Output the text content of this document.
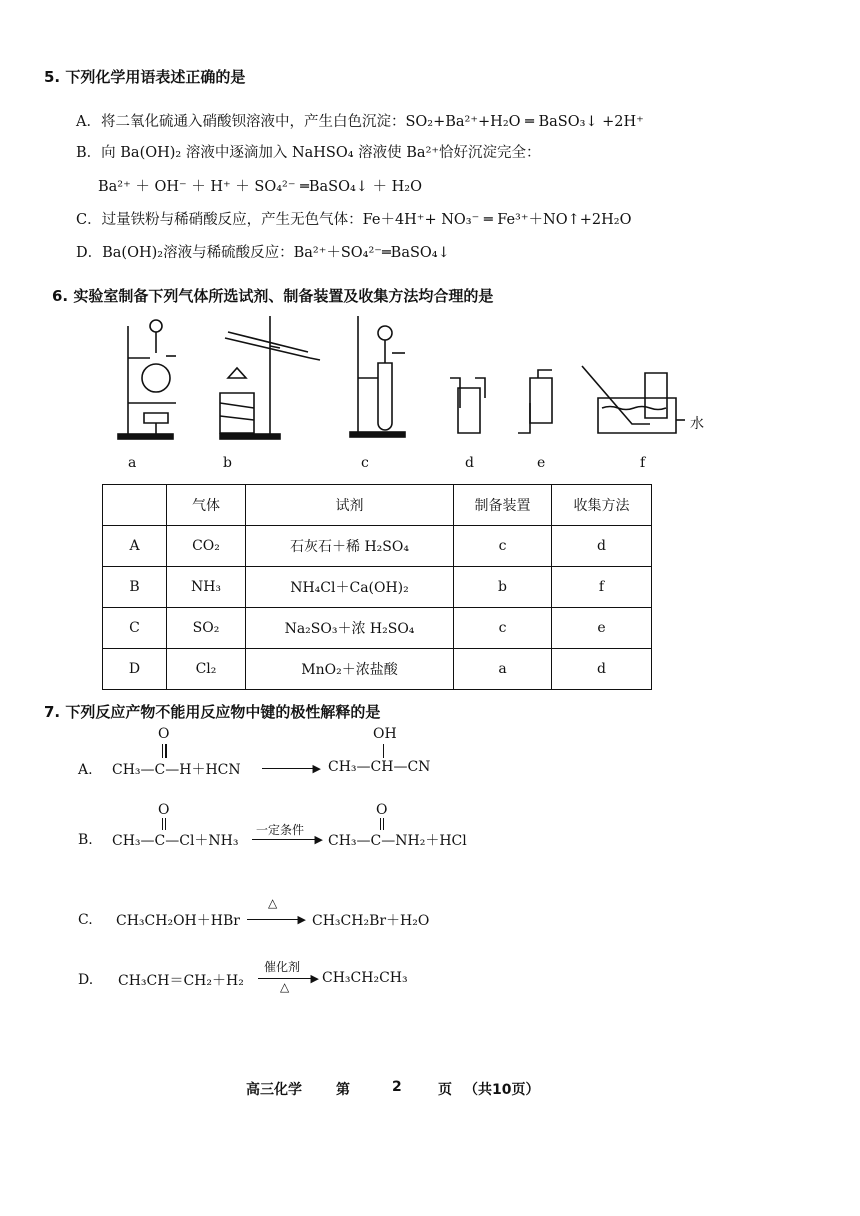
5. 下列化学用语表述正确的是
A．将二氧化硫通入硝酸钡溶液中，产生白色沉淀：SO₂+Ba²⁺+H₂O ═ BaSO₃↓ +2H⁺
B．向 Ba(OH)₂ 溶液中逐滴加入 NaHSO₄ 溶液使 Ba²⁺恰好沉淀完全：
Ba²⁺ ＋ OH⁻ ＋ H⁺ ＋ SO₄²⁻ ═BaSO₄↓ ＋ H₂O
C．过量铁粉与稀硝酸反应，产生无色气体：Fe＋4H⁺+ NO₃⁻ ═ Fe³⁺＋NO↑+2H₂O
D．Ba(OH)₂溶液与稀硫酸反应：Ba²⁺＋SO₄²⁻═BaSO₄↓
6. 实验室制备下列气体所选试剂、制备装置及收集方法均合理的是
a	b	c	d	e	f
水
	气体	试剂	制备装置	收集方法
A	CO₂	石灰石＋稀 H₂SO₄	c	d
B	NH₃	NH₄Cl＋Ca(OH)₂	b	f
C	SO₂	Na₂SO₃＋浓 H₂SO₄	c	e
D	Cl₂	MnO₂＋浓盐酸	a	d
7. 下列反应产物不能用反应物中键的极性解释的是
A.
O
CH₃—C—H＋HCN	▶
OH
CH₃—CH—CN
B.
O
CH₃—C—Cl＋NH₃
一定条件
▶
O
CH₃—C—NH₂＋HCl
C. CH₃CH₂OH＋HBr
△
▶ CH₃CH₂Br＋H₂O
D. CH₃CH＝CH₂＋H₂
催化剂
▶
△
CH₃CH₂CH₃
高三化学 第	2	页 （共10页）
